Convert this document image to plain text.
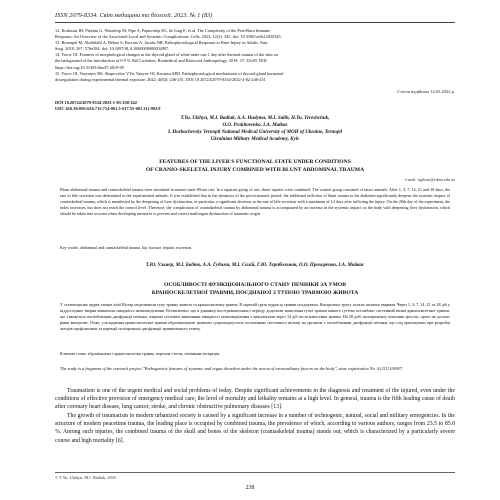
ISSN 2079-8334. Світ медицини та біології. 2023. № 1 (83)
12. Korkmaz IH, Pisküm G, Wassdorp M, Pipe A, Papavidop SG, de Jong E, et al. The Complexity of the Post-Burn Immune
Response: An Overview of the Associated Local and Systemic Complications. Cells. 2023; 12(3): 345. doi: 10.3390/cells12030345.
13. Rosenpel M, Abdulfalil A, Behrst S, Furcaro A, Jacobs NR. Pathophysiological Response to Burn Injury in Adults. Ann
Surg. 2018; 267: 576e584. doi: 10.1097/SLA.0000000000002097.
14. Yorov OI. Features of morphological changes in the thyroid gland of white male rats 1 day after thermal trauma of the skin on
the background of the introduction of 0.9 % NaCl solution. Biomedical and Biosocial Anthropology. 2019; 37: 35e49. DOI:
https://doi.org/10.31393/bba37-2019-09
15. Yorov OI, Vasyanov RS, Shapovalov VYu, Yanyov OI, Kostuva MM. Pathophysiological mechanisms of thyroid gland hormonal
dysregulation during experimental thermal exposure. 2022; 4(82): 246-251. DOI 10.26724/2079-8334-2022-4-82-246-251
Стаття надійшла 14.03.2022 р.
DOI 10.26724/2079-8334-2023-1-83-238-242
UDC 616.36-002:616.711:714-001.3-617.55-001.31]-092.9
T.Yu. Ulzhyn, M.I. Badiuk, A.A. Hudyma, M.I. Salih, H.Yu. Tereshchuk,
O.O. Prokhorenko, I.A. Maikas
I. Horbachevsky Ternopil National Medical University of MOH of Ukraine, Ternopil
Ukrainian Military Medical Academy, Kyiv
FEATURES OF THE LIVER'S FUNCTIONAL STATE UNDER CONDITIONS
OF CRANIO-SKELETAL INJURY COMBINED WITH BLUNT ABDOMINAL TRAUMA
e-mail: ngikym@tdmu.edu.ua
Blunt abdominal trauma and craniaskeletal trauma were simulated in mature male Wistar rats. In a separate group of rats, these injuries were combined. The control group consisted of intact animals. After 1, 3, 7, 14, 21 and 28 days, the rate of bile secretion was determined in the experimental animals. It was established that in the dynamics of the post-traumatic period, the additional infliction of blunt trauma to the abdomen significantly deepens the systemic impact of craniaskeletal trauma, which is manifested by the deepening of liver dysfunction, in particular, a significant decrease in the rate of bile secretion with a maximum of 14 days after inflicting the injury. On the 28th day of the experiment, the index increases, but does not reach the control level. Therefore, the complication of craniaskeletal trauma by abdominal trauma is accompanied by an increase in the systemic impact on the body with deepening liver dysfunction, which should be taken into account when developing measures to prevent and correct multiorgan dysfunction of traumatic origin.
Key words: abdominal and craniaskeletal trauma, hip fracture, hepatic excretion.
Т.Ю. Ульнер, М.І. Бадюк, А.А. Гудима, М.І. Салій, Г.Ю. Терибольнок, О.О. Прохоренко, І.А. Майкас
ОСОБЛИВОСТІ ФУНКЦІОНАЛЬНОГО СТАНУ ПЕЧІНКИ ЗА УМОВ
КРАНІОСКЕЛЕТНОЇ ТРАВМИ, ПОЄДНАНОЇ З ТУПОЮ ТРАВМОЮ ЖИВОТА
У статевозрілих щурів-самців лінії Вістар моделювали тупу травму живота та краніоскелетну травму. В окремій групі щурів ці травми поєднували. Контрольну групу склали інтактні тварини. Через 1, 3, 7, 14, 21 та 28 діб у піддослідних тварин визначали швидкість жовчовиділення. Встановлено, що в динаміці посттравматичного періоду додаткове нанесення тупої травми живота суттєво поглиблює системний вплив краніоскелетної травми, що з'являється поглибленням дисфункції печінки, зокрема суттєвим зниженням швидкості жовчовиділення з максимумом через 14 діб після нанесення травми. На 28 добі експерименту показник зростає, проте не досягає рівня контролю. Отже, ускладнення краніоскелетної травми абдомінальною травмою супроводжується посиленням системного впливу на організм з поглибленням дисфункції печінки, що слід враховувати при розробці заходів профілактики та корекції поліорганної дисфункції травматичного генезу.
Ключові слова: абдомінальна і краніоскелетна травма, перелом стегна, печінкова екскреція.
The study is a fragment of the research project "Pathogenetic features of systemic and organ disorders under the action of extraordinary factors on the body", state registration No. 0121U110097.

Traumatism is one of the urgent medical and social problems of today. Despite significant achievements in the diagnosis and treatment of the injured, even under the conditions of effective provision of emergency medical care, the level of mortality and lethality remains at a high level. In general, trauma is the fifth leading cause of death after coronary heart disease, lung cancer, stroke, and chronic obstructive pulmonary diseases [13].

The growth of traumatism in modern urbanized society is caused by a significant increase in a number of technogenic, natural, social and military emergencies. In the structure of modern peacetime trauma, the leading place is occupied by combined trauma, the prevalence of which, according to various authors, ranges from 23.5 to 85.0 %. Among such injuries, the combined trauma of the skull and bones of the skeleton (craniaskeletal trauma) stands out, which is characterized by a particularly severe course and high mortality [6].

© T.Yu. Ulzhyn, M.I. Badiuk, 2023
238
